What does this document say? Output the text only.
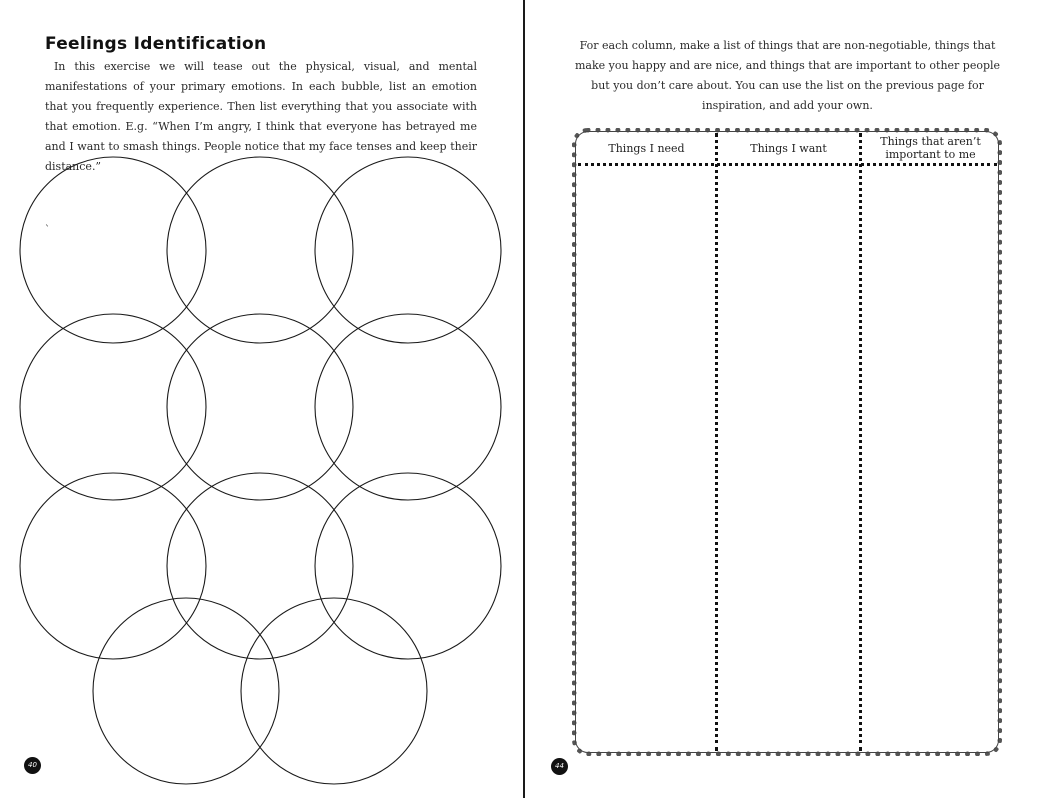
Feelings Identification

In this exercise we will tease out the physical, visual, and mental manifestations of your primary emotions. In each bubble, list an emotion that you frequently experience. Then list everything that you associate with that emotion. E.g. “When I’m angry, I think that everyone has betrayed me and I want to smash things. People notice that my face tenses and keep their distance.”

`
40

For each column, make a list of things that are non-negotiable, things that make you happy and are nice, and things that are important to other people but you don’t care about. You can use the list on the previous page for inspiration, and add your own.

Things I need	Things I want	Things that aren’t important to me
44
